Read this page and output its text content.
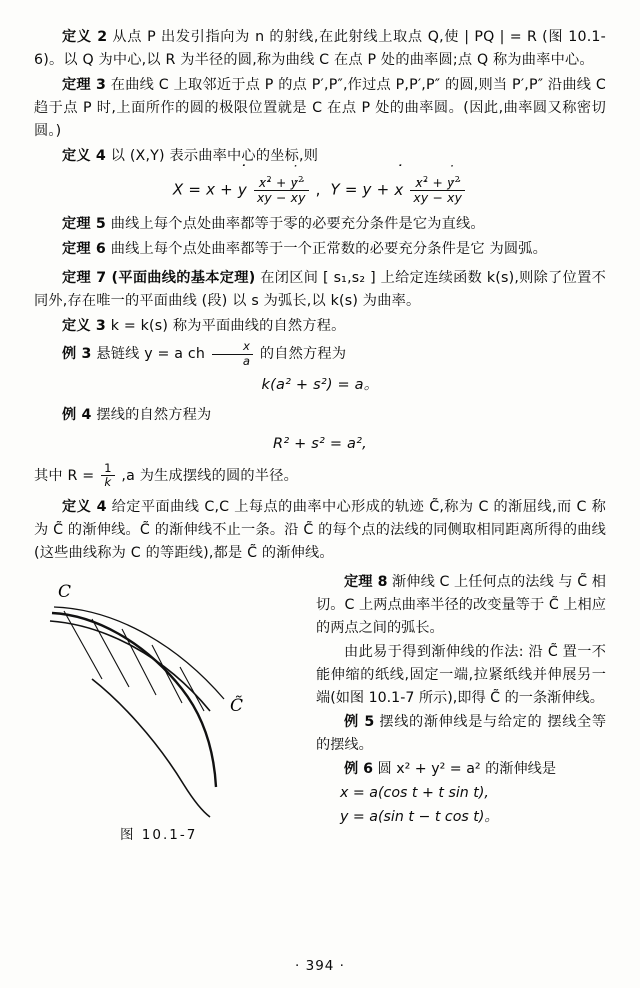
定义 2 从点 P 出发引指向为 n 的射线,在此射线上取点 Q,使 | PQ | = R (图 10.1-6)。以 Q 为中心,以 R 为半径的圆,称为曲线 C 在点 P 处的曲率圆;点 Q 称为曲率中心。

定理 3 在曲线 C 上取邻近于点 P 的点 P′,P″,作过点 P,P′,P″ 的圆,则当 P′,P″ 沿曲线 C 趋于点 P 时,上面所作的圆的极限位置就是 C 在点 P 处的曲率圆。(因此,曲率圆又称密切圆。)

定义 4 以 (X,Y) 表示曲率中心的坐标,则

X = x + ˙ y $x^2$ + ˙ $y^2$
˙ x˙ y − ˙ x˙ y ,  Y = y + ˙ x $x^2$ + ˙ $y^2$
˙ x˙ y − ˙ x˙ y

定理 5 曲线上每个点处曲率都等于零的必要充分条件是它为直线。

定理 6 曲线上每个点处曲率都等于一个正常数的必要充分条件是它 为圆弧。

定理 7 (平面曲线的基本定理) 在闭区间 [ s₁,s₂ ] 上给定连续函数 k(s),则除了位置不同外,存在唯一的平面曲线 (段) 以 s 为弧长,以 k(s) 为曲率。

定义 3 k = k(s) 称为平面曲线的自然方程。

例 3 悬链线 y = a ch $\frac{x}{a}$ 的自然方程为

k(a² + s²) = a。

例 4 摆线的自然方程为

R² + s² = a²,

其中 $R = \frac{1}{k} ,a$ 为生成摆线的圆的半径。

定义 4 给定平面曲线 C,C 上每点的曲率中心形成的轨迹 C̃,称为 C 的渐屈线,而 C 称为 C̃ 的渐伸线。C̃ 的渐伸线不止一条。沿 C̃ 的每个点的法线的同侧取相同距离所得的曲线(这些曲线称为 C 的等距线),都是 C̃ 的渐伸线。

C
C̃
图 10.1-7

定理 8 渐伸线 C 上任何点的法线 与 C̃ 相切。C 上两点曲率半径的改变量等于 C̃ 上相应的两点之间的弧长。

由此易于得到渐伸线的作法: 沿 C̃ 置一不能伸缩的纸线,固定一端,拉紧纸线并伸展另一端(如图 10.1-7 所示),即得 C̃ 的一条渐伸线。

例 5 摆线的渐伸线是与给定的 摆线全等的摆线。

例 6 圆 x² + y² = a² 的渐伸线是

x = a(cos t + t sin t),

y = a(sin t − t cos t)。

· 394 ·
